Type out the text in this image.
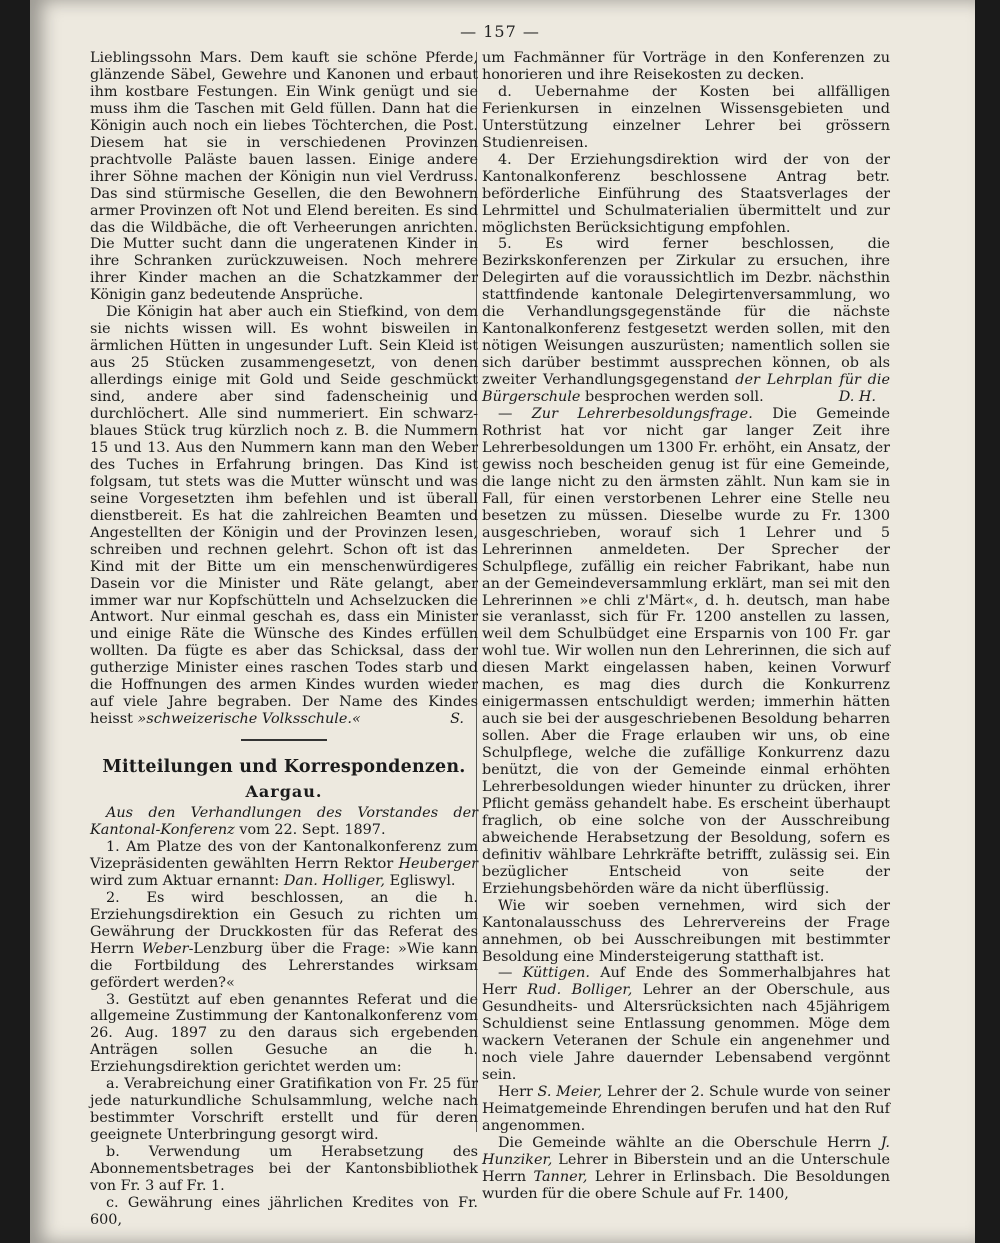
— 157 —

Lieblingssohn Mars. Dem kauft sie schöne Pferde, glänzende Säbel, Gewehre und Kanonen und erbaut ihm kostbare Festungen. Ein Wink genügt und sie muss ihm die Taschen mit Geld füllen. Dann hat die Königin auch noch ein liebes Töchterchen, die Post. Diesem hat sie in verschiedenen Provinzen prachtvolle Paläste bauen lassen. Einige andere ihrer Söhne machen der Königin nun viel Verdruss. Das sind stürmische Gesellen, die den Bewohnern armer Provinzen oft Not und Elend bereiten. Es sind das die Wildbäche, die oft Verheerungen anrichten. Die Mutter sucht dann die ungeratenen Kinder in ihre Schranken zurückzuweisen. Noch mehrere ihrer Kinder machen an die Schatzkammer der Königin ganz bedeutende Ansprüche.

Die Königin hat aber auch ein Stiefkind, von dem sie nichts wissen will. Es wohnt bisweilen in ärmlichen Hütten in ungesunder Luft. Sein Kleid ist aus 25 Stücken zusammengesetzt, von denen allerdings einige mit Gold und Seide geschmückt sind, andere aber sind fadenscheinig und durchlöchert. Alle sind nummeriert. Ein schwarz-blaues Stück trug kürzlich noch z. B. die Nummern 15 und 13. Aus den Nummern kann man den Weber des Tuches in Erfahrung bringen. Das Kind ist folgsam, tut stets was die Mutter wünscht und was seine Vorgesetzten ihm befehlen und ist überall dienstbereit. Es hat die zahlreichen Beamten und Angestellten der Königin und der Provinzen lesen, schreiben und rechnen gelehrt. Schon oft ist das Kind mit der Bitte um ein menschenwürdigeres Dasein vor die Minister und Räte gelangt, aber immer war nur Kopfschütteln und Achselzucken die Antwort. Nur einmal geschah es, dass ein Minister und einige Räte die Wünsche des Kindes erfüllen wollten. Da fügte es aber das Schicksal, dass der gutherzige Minister eines raschen Todes starb und die Hoffnungen des armen Kindes wurden wieder auf viele Jahre begraben. Der Name des Kindes heisst »schweizerische Volksschule.«	S.

Mitteilungen und Korrespondenzen.
Aargau.

Aus den Verhandlungen des Vorstandes der Kantonal-Konferenz vom 22. Sept. 1897.

1. Am Platze des von der Kantonalkonferenz zum Vizepräsidenten gewählten Herrn Rektor Heuberger wird zum Aktuar ernannt: Dan. Holliger, Egliswyl.

2. Es wird beschlossen, an die h. Erziehungsdirektion ein Gesuch zu richten um Gewährung der Druckkosten für das Referat des Herrn Weber-Lenzburg über die Frage: »Wie kann die Fortbildung des Lehrerstandes wirksam gefördert werden?«

3. Gestützt auf eben genanntes Referat und die allgemeine Zustimmung der Kantonalkonferenz vom 26. Aug. 1897 zu den daraus sich ergebenden Anträgen sollen Gesuche an die h. Erziehungsdirektion gerichtet werden um:

a. Verabreichung einer Gratifikation von Fr. 25 für jede naturkundliche Schulsammlung, welche nach bestimmter Vorschrift erstellt und für deren geeignete Unterbringung gesorgt wird.

b. Verwendung um Herabsetzung des Abonnementsbetrages bei der Kantonsbibliothek von Fr. 3 auf Fr. 1.

c. Gewährung eines jährlichen Kredites von Fr. 600,

um Fachmänner für Vorträge in den Konferenzen zu honorieren und ihre Reisekosten zu decken.

d. Uebernahme der Kosten bei allfälligen Ferienkursen in einzelnen Wissensgebieten und Unterstützung einzelner Lehrer bei grössern Studienreisen.

4. Der Erziehungsdirektion wird der von der Kantonalkonferenz beschlossene Antrag betr. beförderliche Einführung des Staatsverlages der Lehrmittel und Schulmaterialien übermittelt und zur möglichsten Berücksichtigung empfohlen.

5. Es wird ferner beschlossen, die Bezirkskonferenzen per Zirkular zu ersuchen, ihre Delegirten auf die voraussichtlich im Dezbr. nächsthin stattfindende kantonale Delegirtenversammlung, wo die Verhandlungsgegenstände für die nächste Kantonalkonferenz festgesetzt werden sollen, mit den nötigen Weisungen auszurüsten; namentlich sollen sie sich darüber bestimmt aussprechen können, ob als zweiter Verhandlungsgegenstand der Lehrplan für die Bürgerschule besprochen werden soll.	D. H.

— Zur Lehrerbesoldungsfrage. Die Gemeinde Rothrist hat vor nicht gar langer Zeit ihre Lehrerbesoldungen um 1300 Fr. erhöht, ein Ansatz, der gewiss noch bescheiden genug ist für eine Gemeinde, die lange nicht zu den ärmsten zählt. Nun kam sie in Fall, für einen verstorbenen Lehrer eine Stelle neu besetzen zu müssen. Dieselbe wurde zu Fr. 1300 ausgeschrieben, worauf sich 1 Lehrer und 5 Lehrerinnen anmeldeten. Der Sprecher der Schulpflege, zufällig ein reicher Fabrikant, habe nun an der Gemeindeversammlung erklärt, man sei mit den Lehrerinnen »e chli z'Märt«, d. h. deutsch, man habe sie veranlasst, sich für Fr. 1200 anstellen zu lassen, weil dem Schulbüdget eine Ersparnis von 100 Fr. gar wohl tue. Wir wollen nun den Lehrerinnen, die sich auf diesen Markt eingelassen haben, keinen Vorwurf machen, es mag dies durch die Konkurrenz einigermassen entschuldigt werden; immerhin hätten auch sie bei der ausgeschriebenen Besoldung beharren sollen. Aber die Frage erlauben wir uns, ob eine Schulpflege, welche die zufällige Konkurrenz dazu benützt, die von der Gemeinde einmal erhöhten Lehrerbesoldungen wieder hinunter zu drücken, ihrer Pflicht gemäss gehandelt habe. Es erscheint überhaupt fraglich, ob eine solche von der Ausschreibung abweichende Herabsetzung der Besoldung, sofern es definitiv wählbare Lehrkräfte betrifft, zulässig sei. Ein bezüglicher Entscheid von seite der Erziehungsbehörden wäre da nicht überflüssig.

Wie wir soeben vernehmen, wird sich der Kantonalausschuss des Lehrervereins der Frage annehmen, ob bei Ausschreibungen mit bestimmter Besoldung eine Mindersteigerung statthaft ist.

— Küttigen. Auf Ende des Sommerhalbjahres hat Herr Rud. Bolliger, Lehrer an der Oberschule, aus Gesundheits- und Altersrücksichten nach 45jährigem Schuldienst seine Entlassung genommen. Möge dem wackern Veteranen der Schule ein angenehmer und noch viele Jahre dauernder Lebensabend vergönnt sein.

Herr S. Meier, Lehrer der 2. Schule wurde von seiner Heimatgemeinde Ehrendingen berufen und hat den Ruf angenommen.

Die Gemeinde wählte an die Oberschule Herrn J. Hunziker, Lehrer in Biberstein und an die Unterschule Herrn Tanner, Lehrer in Erlinsbach. Die Besoldungen wurden für die obere Schule auf Fr. 1400,
